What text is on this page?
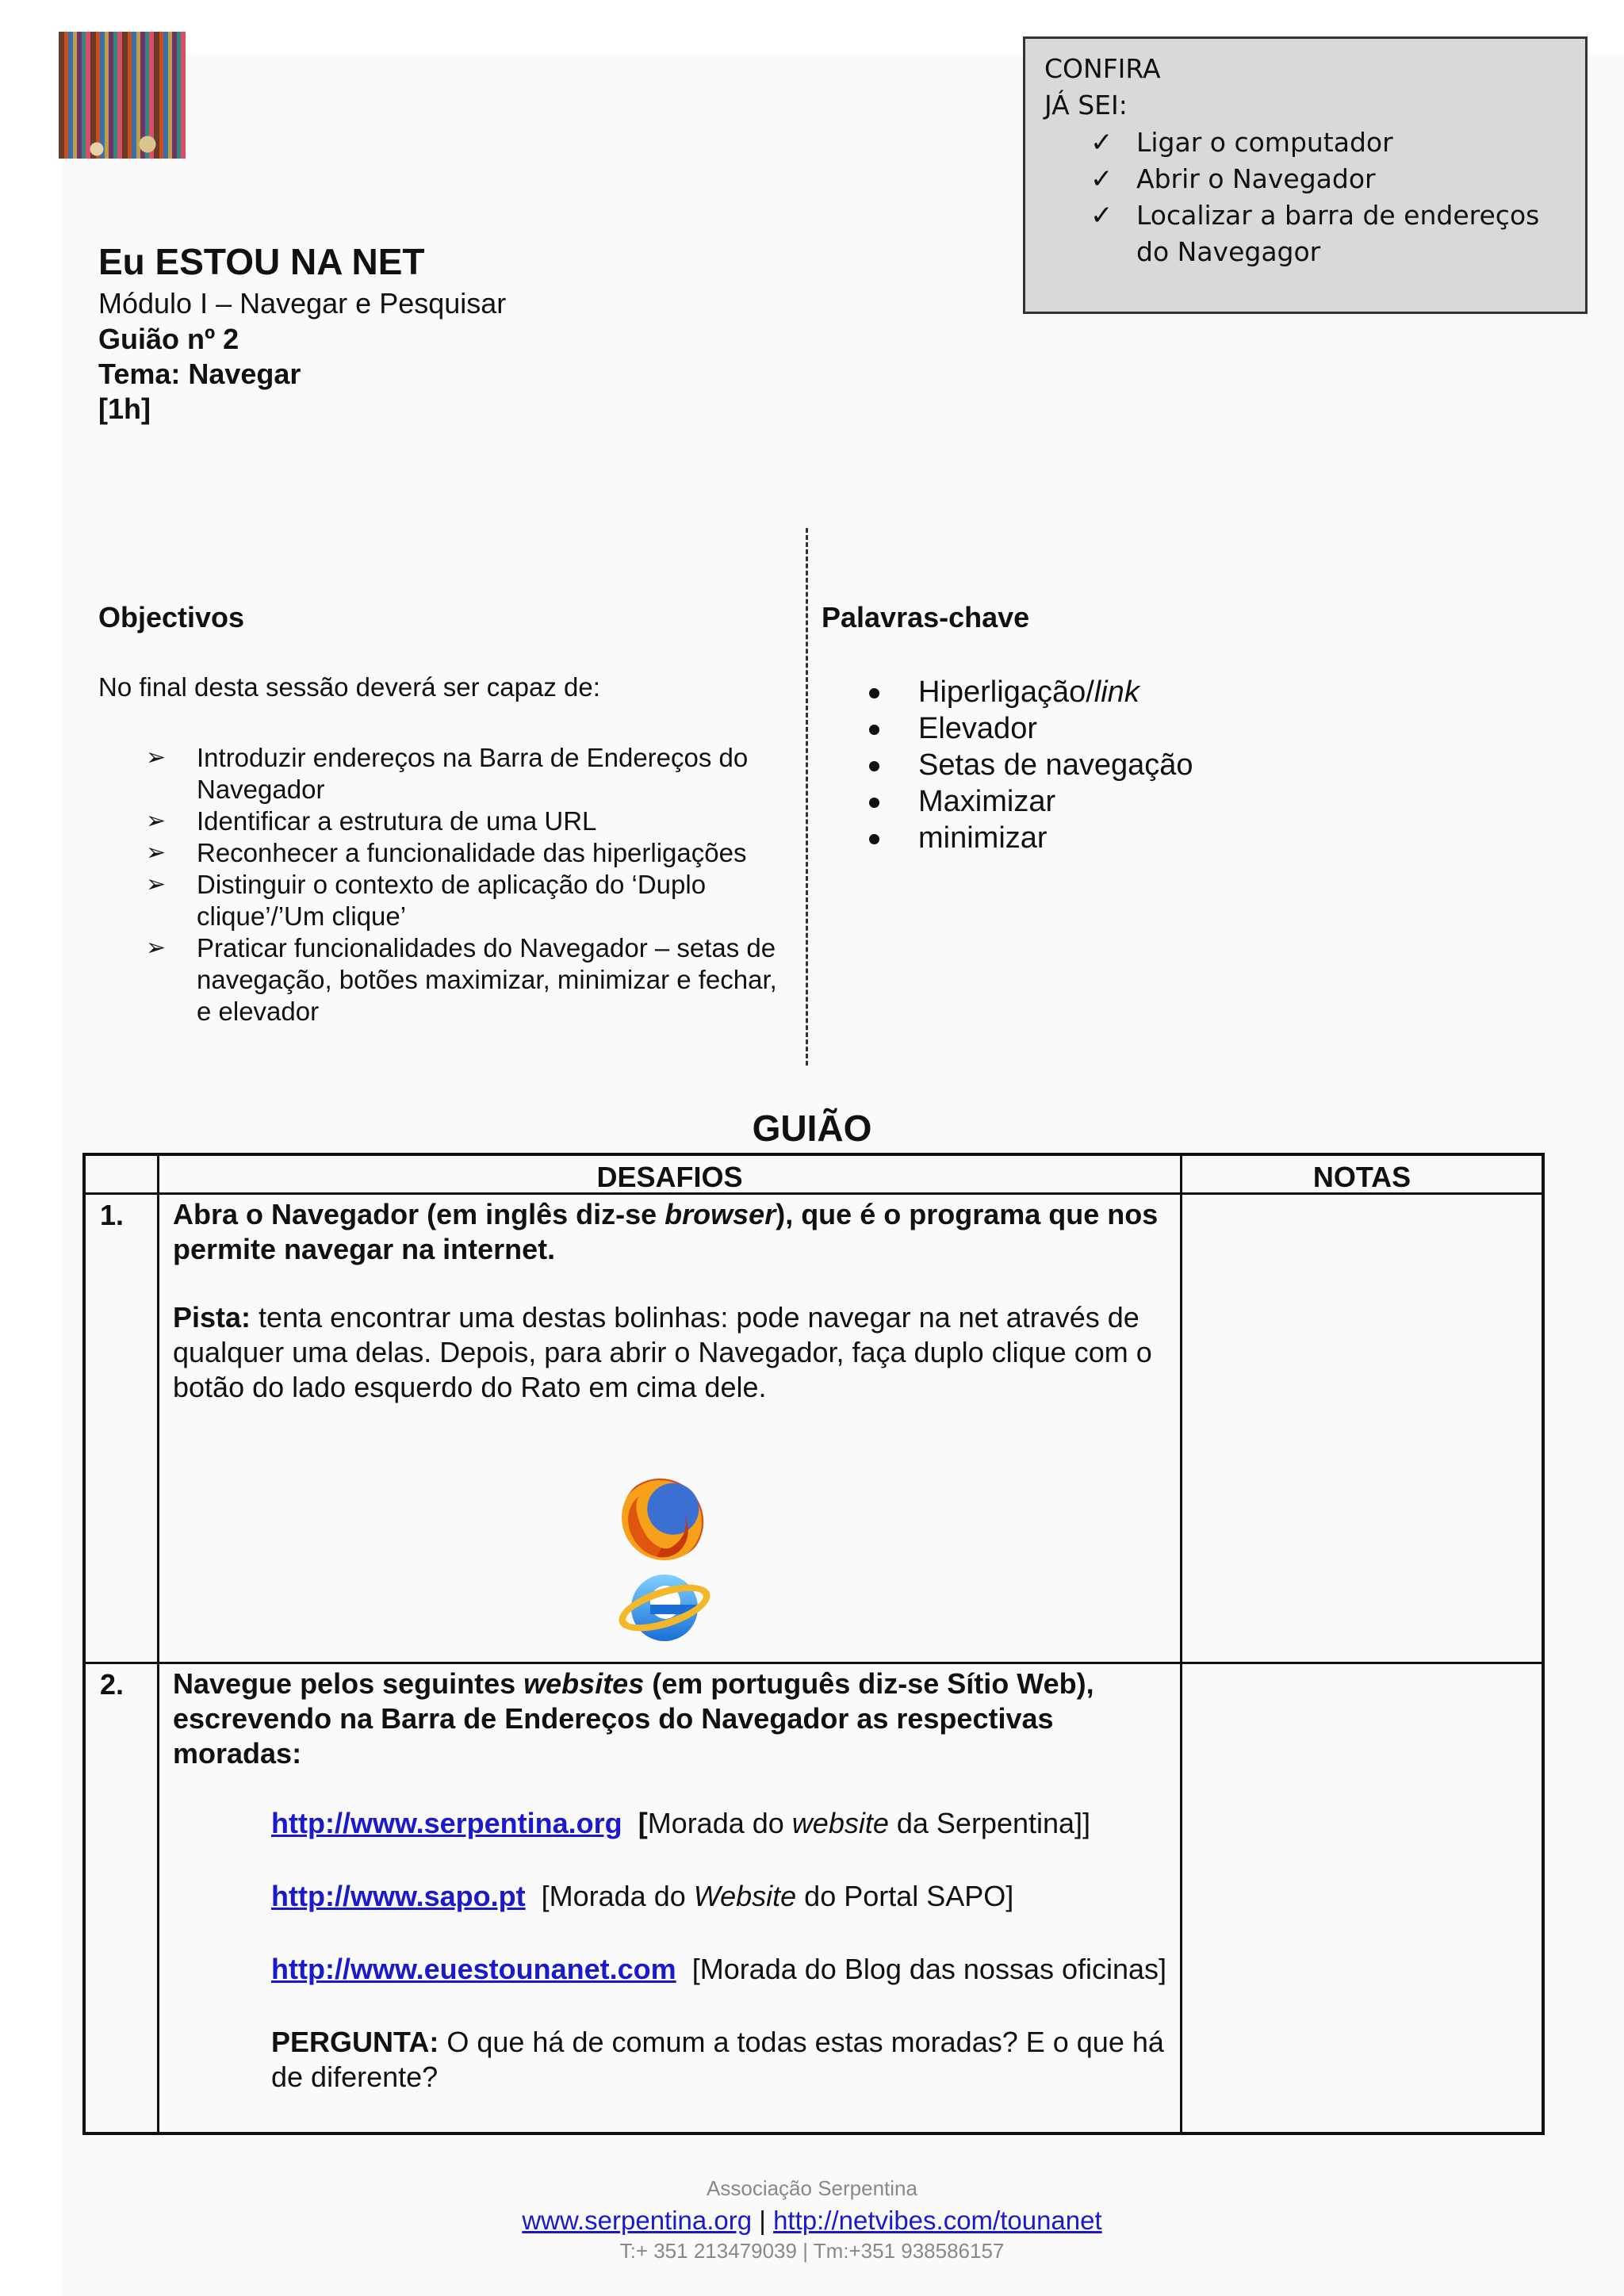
CONFIRA
JÁ SEI:
✓ Ligar o computador
✓ Abrir o Navegador
✓ Localizar a barra de endereços do Navegagor
Eu ESTOU NA NET
Módulo I – Navegar e Pesquisar
Guião nº 2
Tema: Navegar
[1h]
Objectivos
No final desta sessão deverá ser capaz de:
➢ Introduzir endereços na Barra de Endereços do Navegador
➢ Identificar a estrutura de uma URL
➢ Reconhecer a funcionalidade das hiperligações
➢ Distinguir o contexto de aplicação do ‘Duplo clique’/’Um clique’
➢ Praticar funcionalidades do Navegador – setas de navegação, botões maximizar, minimizar e fechar, e elevador
Palavras-chave
Hiperligação/link
Elevador
Setas de navegação
Maximizar
minimizar
GUIÃO
DESAFIOS	NOTAS
1. Abra o Navegador (em inglês diz-se browser), que é o programa que nos permite navegar na internet.
Pista: tenta encontrar uma destas bolinhas: pode navegar na net através de qualquer uma delas. Depois, para abrir o Navegador, faça duplo clique com o botão do lado esquerdo do Rato em cima dele.
2. Navegue pelos seguintes websites (em português diz-se Sítio Web), escrevendo na Barra de Endereços do Navegador as respectivas moradas:
http://www.serpentina.org [Morada do website da Serpentina]]
http://www.sapo.pt [Morada do Website do Portal SAPO]
http://www.euestounanet.com [Morada do Blog das nossas oficinas]
PERGUNTA: O que há de comum a todas estas moradas? E o que há de diferente?
Associação Serpentina
www.serpentina.org | http://netvibes.com/tounanet
T:+ 351 213479039 | Tm:+351 938586157
